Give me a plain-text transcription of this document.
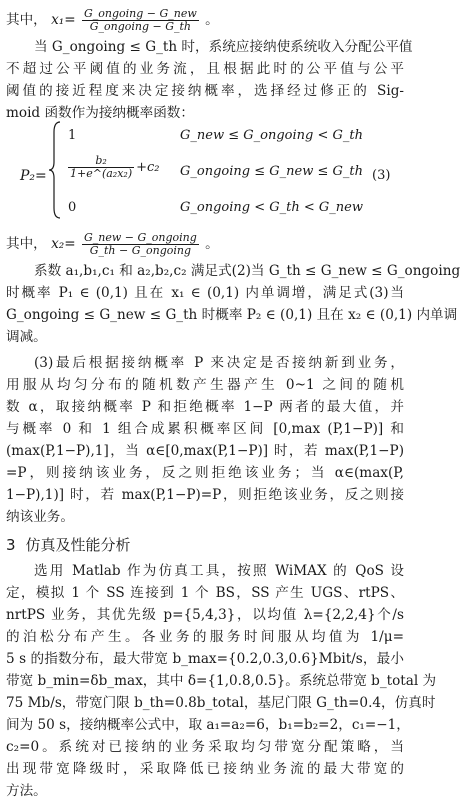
其中， $x_1= \frac{\text{G\_ongoing − G\_new}}{\text{G\_ongoing − G\_th}}$ 。
当 G_ongoing ≤ G_th 时，系统应接纳使系统收入分配公平值
不超过公平阈值的业务流，且根据此时的公平值与公平
阈值的接近程度来决定接纳概率，选择经过修正的 Sig-
moid 函数作为接纳概率函数：
P₂=
1	G_new ≤ G_ongoing < G_th
$\frac{\text{b₂}}{\text{1+e\textasciicircum{}(a₂x₂)}} +c_2$ G_ongoing ≤ G_new ≤ G_th
0	G_ongoing < G_th < G_new
(3)
其中， $x_2= \frac{\text{G\_new − G\_ongoing}}{\text{G\_th − G\_ongoing}}$ 。
系数 a₁,b₁,c₁ 和 a₂,b₂,c₂ 满足式(2)当 G_th ≤ G_new ≤ G_ongoing
时概率 P₁ ∈ (0,1) 且在 x₁ ∈ (0,1) 内单调增，满足式(3)当
G_ongoing ≤ G_new ≤ G_th 时概率 P₂ ∈ (0,1) 且在 x₂ ∈ (0,1) 内单调
调减。
(3)最后根据接纳概率 P 来决定是否接纳新到业务，
用服从均匀分布的随机数产生器产生 0~1 之间的随机
数 α，取接纳概率 P 和拒绝概率 1−P 两者的最大值，并
与概率 0 和 1 组合成累积概率区间 [0,max (P,1−P)] 和
(max(P,1−P),1]，当 α∈[0,max(P,1−P)] 时，若 max(P,1−P)
=P，则接纳该业务，反之则拒绝该业务；当 α∈(max(P,
1−P),1)] 时，若 max(P,1−P)=P，则拒绝该业务，反之则接
纳该业务。
3 仿真及性能分析
选用 Matlab 作为仿真工具，按照 WiMAX 的 QoS 设
定，模拟 1 个 SS 连接到 1 个 BS，SS 产生 UGS、rtPS、
nrtPS 业务，其优先级 p={5,4,3}，以均值 λ={2,2,4}个/s
的泊松分布产生。各业务的服务时间服从均值为 1/μ=
5 s 的指数分布，最大带宽 b_max={0.2,0.3,0.6}Mbit/s，最小
带宽 b_min=δb_max，其中 δ={1,0.8,0.5}。系统总带宽 b_total 为
75 Mb/s，带宽门限 b_th=0.8b_total，基尼门限 G_th=0.4，仿真时
间为 50 s，接纳概率公式中，取 a₁=a₂=6，b₁=b₂=2，c₁=−1，
c₂=0。系统对已接纳的业务采取均匀带宽分配策略，当
出现带宽降级时，采取降低已接纳业务流的最大带宽的
方法。
